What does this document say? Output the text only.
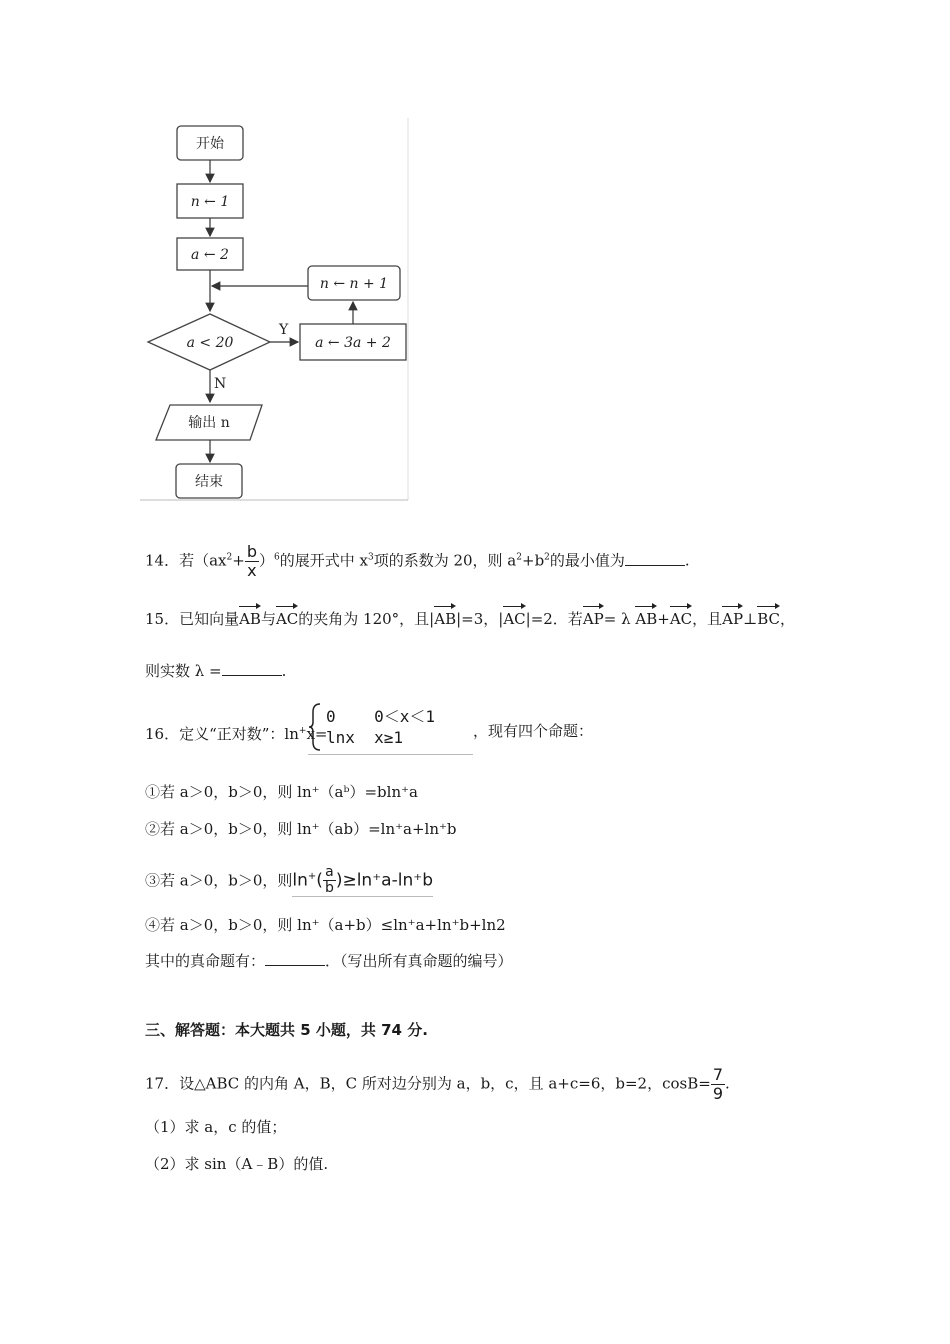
开始
n ← 1
a ← 2
a < 20
Y
a ← 3a + 2
n ← n + 1
N
输出 n
结束
14．若$(ax^2+ \frac{b}{x} )^6$的展开式中 $x^3$项的系数为 20，则 $a^2+b^2$的最小值为	.
15．已知向量AB与AC的夹角为 120°，且|AB|=3，|AC|=2．若AP= λ AB+AC，且AP⊥BC，
则实数 λ =	.
16．定义“正对数”：ln+x=
0    0＜x＜1
lnx  x≥1	，现有四个命题：
①若 a＞0，b＞0，则 ln⁺（aᵇ）=bln⁺a
②若 a＞0，b＞0，则 ln⁺（ab）=ln⁺a+ln⁺b
③若 a＞0，b＞0，则$\ln^+( \frac{a}{b} )\ge\ln^+a-\ln^+b$
④若 a＞0，b＞0，则 ln⁺（a+b）≤ln⁺a+ln⁺b+ln2
其中的真命题有：	．（写出所有真命题的编号）
三、解答题：本大题共 5 小题，共 74 分.
17．设△ABC 的内角 A，B，C 所对边分别为 a，b，c，且 a+c=6，b=2，$\cos B= \frac{7}{9}$ .
（1）求 a，c 的值；
（2）求 sin（A﹣B）的值.
